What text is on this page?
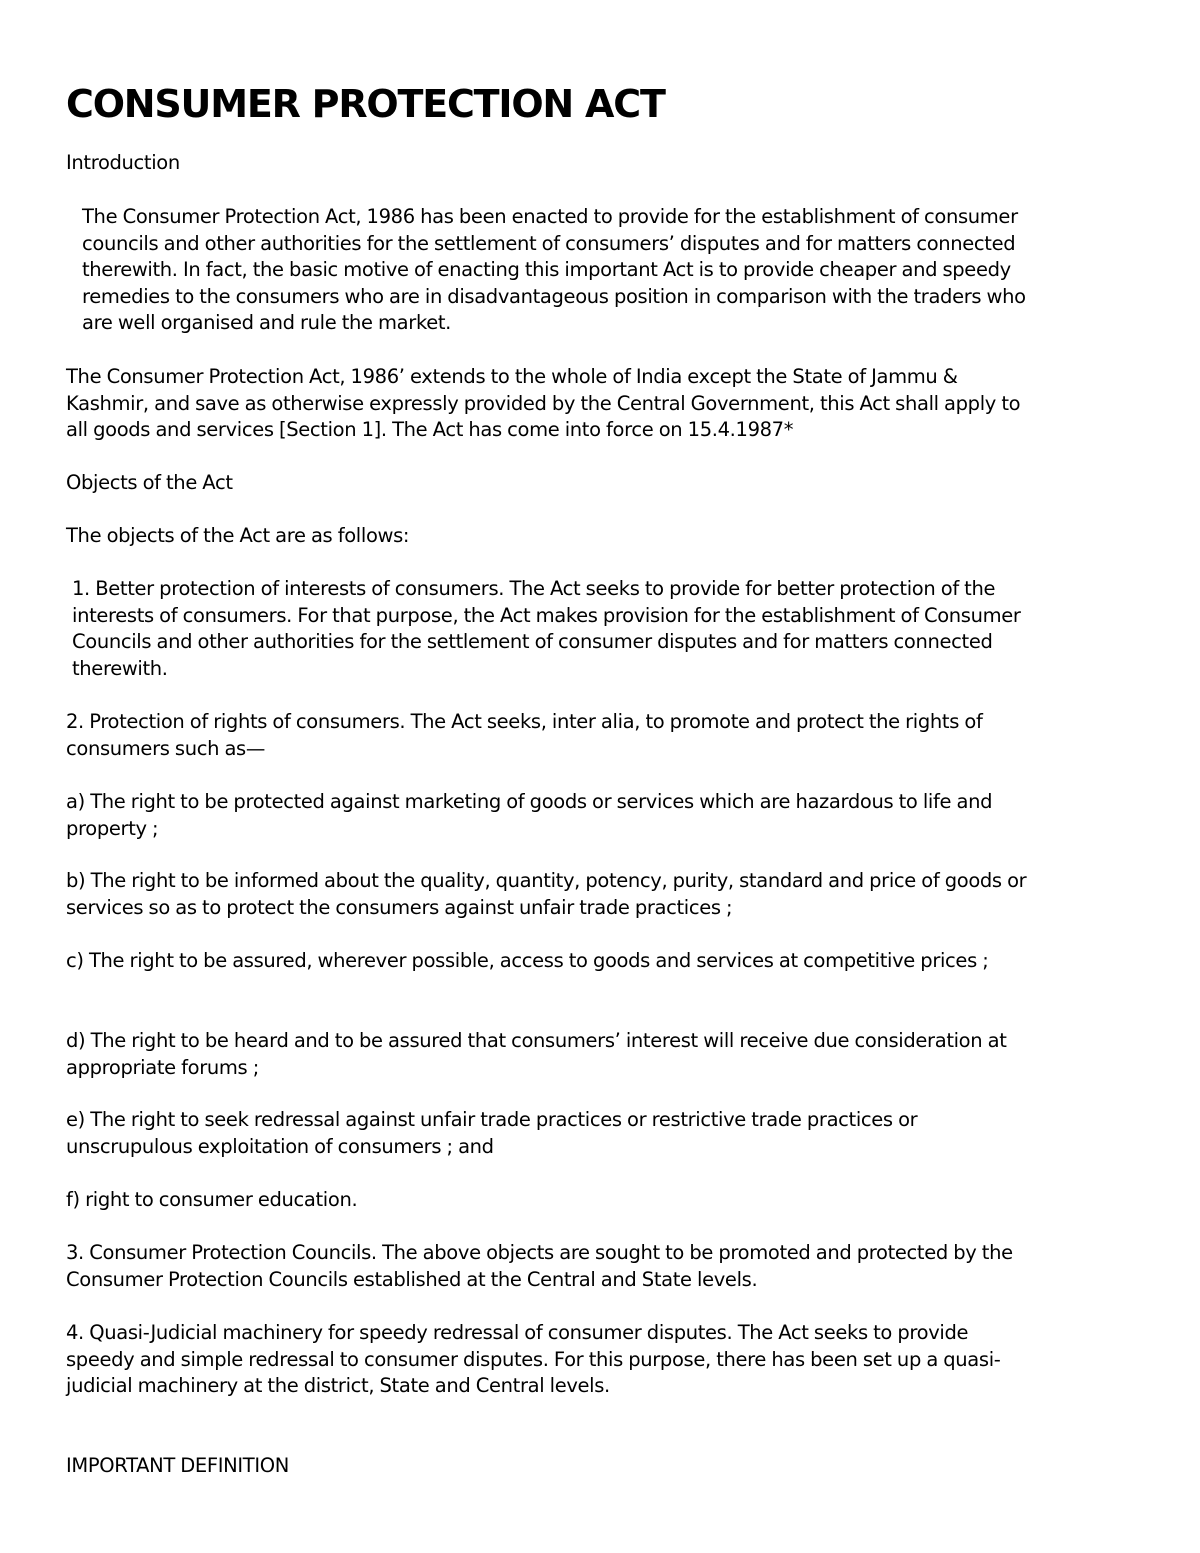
CONSUMER PROTECTION ACT

Introduction

The Consumer Protection Act, 1986 has been enacted to provide for the establishment of consumer councils and other authorities for the settlement of consumers’ disputes and for matters connected therewith. In fact, the basic motive of enacting this important Act is to provide cheaper and speedy remedies to the consumers who are in disadvantageous position in comparison with the traders who are well organised and rule the market.

The Consumer Protection Act, 1986’ extends to the whole of India except the State of Jammu & Kashmir, and save as otherwise expressly provided by the Central Government, this Act shall apply to all goods and services [Section 1]. The Act has come into force on 15.4.1987*

Objects of the Act

The objects of the Act are as follows:

1. Better protection of interests of consumers. The Act seeks to provide for better protection of the interests of consumers. For that purpose, the Act makes provision for the establishment of Consumer Councils and other authorities for the settlement of consumer disputes and for matters connected therewith.

2. Protection of rights of consumers. The Act seeks, inter alia, to promote and protect the rights of consumers such as—

a) The right to be protected against marketing of goods or services which are hazardous to life and property ;

b) The right to be informed about the quality, quantity, potency, purity, standard and price of goods or services so as to protect the consumers against unfair trade practices ;

c) The right to be assured, wherever possible, access to goods and services at competitive prices ;

d) The right to be heard and to be assured that consumers’ interest will receive due consideration at appropriate forums ;

e) The right to seek redressal against unfair trade practices or restrictive trade practices or unscrupulous exploitation of consumers ; and

f) right to consumer education.

3. Consumer Protection Councils. The above objects are sought to be promoted and protected by the Consumer Protection Councils established at the Central and State levels.

4. Quasi-Judicial machinery for speedy redressal of consumer disputes. The Act seeks to provide speedy and simple redressal to consumer disputes. For this purpose, there has been set up a quasi-judicial machinery at the district, State and Central levels.

IMPORTANT DEFINITION
